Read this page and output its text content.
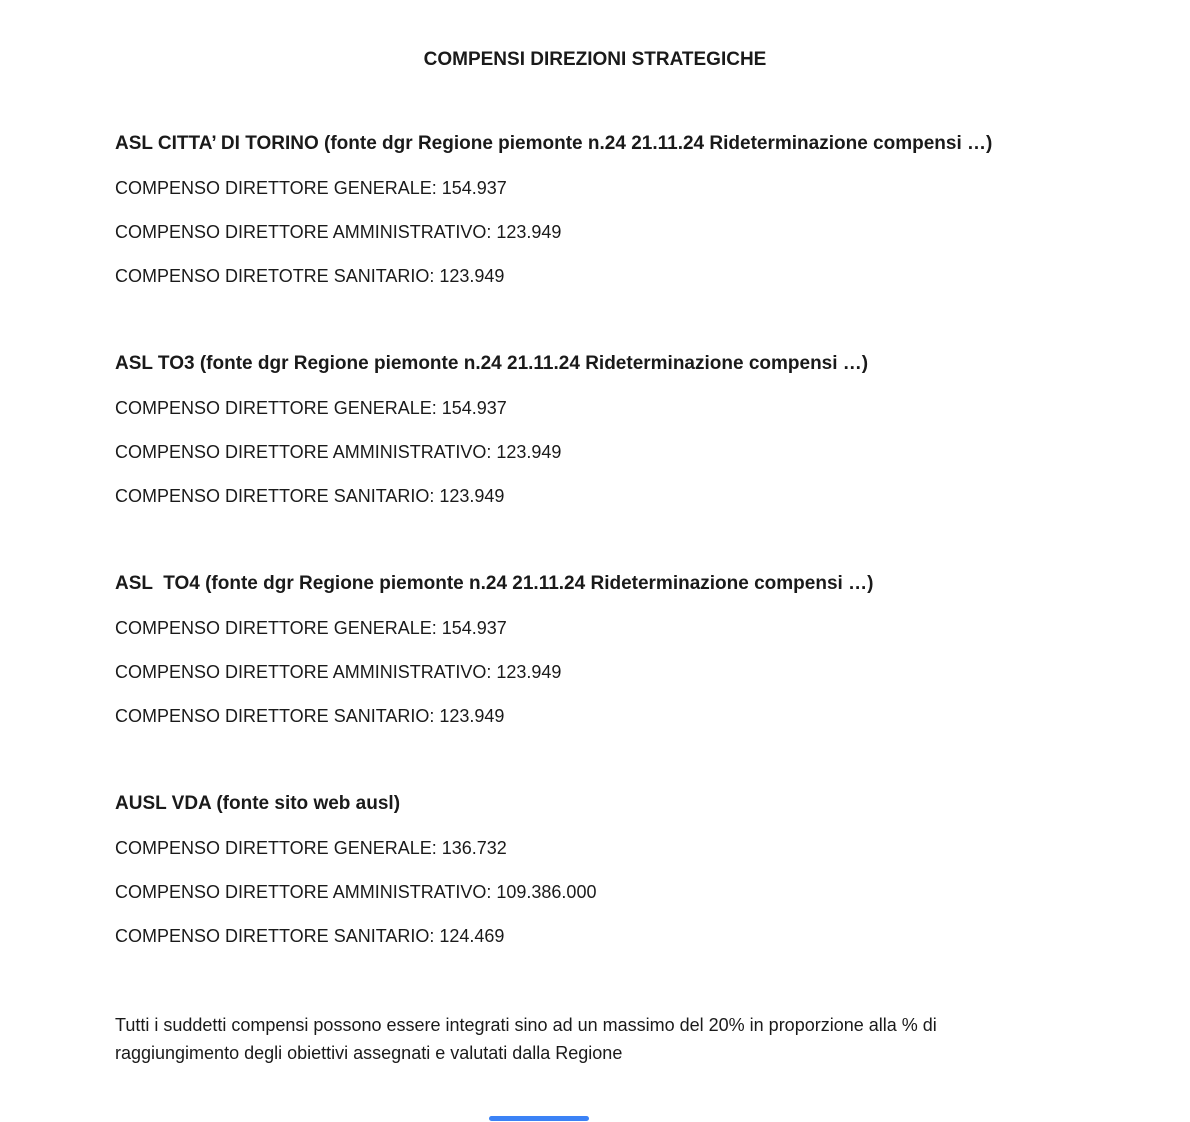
COMPENSI DIREZIONI STRATEGICHE

ASL CITTA’ DI TORINO (fonte dgr Regione piemonte n.24 21.11.24 Rideterminazione compensi …)

COMPENSO DIRETTORE GENERALE: 154.937

COMPENSO DIRETTORE AMMINISTRATIVO: 123.949

COMPENSO DIRETOTRE SANITARIO: 123.949

ASL TO3 (fonte dgr Regione piemonte n.24 21.11.24 Rideterminazione compensi …)

COMPENSO DIRETTORE GENERALE: 154.937

COMPENSO DIRETTORE AMMINISTRATIVO: 123.949

COMPENSO DIRETTORE SANITARIO: 123.949

ASL  TO4 (fonte dgr Regione piemonte n.24 21.11.24 Rideterminazione compensi …)

COMPENSO DIRETTORE GENERALE: 154.937

COMPENSO DIRETTORE AMMINISTRATIVO: 123.949

COMPENSO DIRETTORE SANITARIO: 123.949

AUSL VDA (fonte sito web ausl)

COMPENSO DIRETTORE GENERALE: 136.732

COMPENSO DIRETTORE AMMINISTRATIVO: 109.386.000

COMPENSO DIRETTORE SANITARIO: 124.469

Tutti i suddetti compensi possono essere integrati sino ad un massimo del 20% in proporzione alla % di raggiungimento degli obiettivi assegnati e valutati dalla Regione
